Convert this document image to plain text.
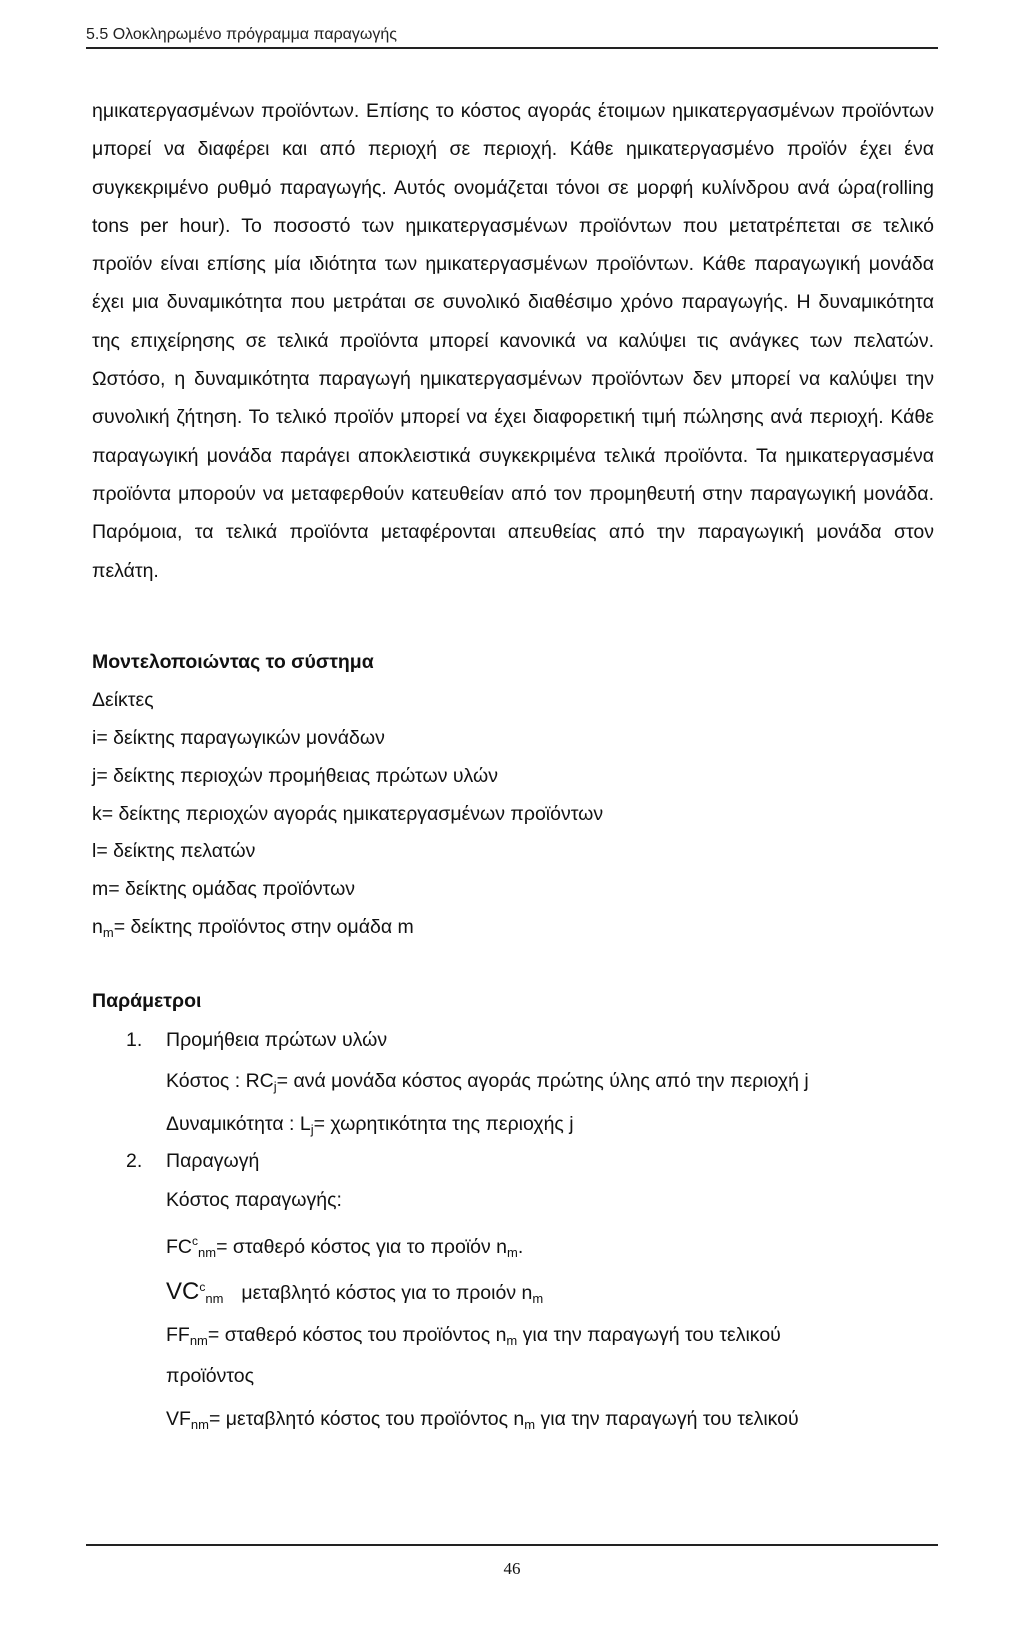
5.5 Ολοκληρωμένο πρόγραμμα παραγωγής

ημικατεργασμένων προϊόντων. Επίσης το κόστος αγοράς έτοιμων ημικατεργασμένων προϊόντων μπορεί να διαφέρει και από περιοχή σε περιοχή. Κάθε ημικατεργασμένο προϊόν έχει ένα συγκεκριμένο ρυθμό παραγωγής. Αυτός ονομάζεται τόνοι σε μορφή κυλίνδρου ανά ώρα(rolling tons per hour). Το ποσοστό των ημικατεργασμένων προϊόντων που μετατρέπεται σε τελικό προϊόν είναι επίσης μία ιδιότητα των ημικατεργασμένων προϊόντων. Κάθε παραγωγική μονάδα έχει μια δυναμικότητα που μετράται σε συνολικό διαθέσιμο χρόνο παραγωγής. Η δυναμικότητα της επιχείρησης σε τελικά προϊόντα μπορεί κανονικά να καλύψει τις ανάγκες των πελατών. Ωστόσο, η δυναμικότητα παραγωγή ημικατεργασμένων προϊόντων δεν μπορεί να καλύψει την συνολική ζήτηση. Το τελικό προϊόν μπορεί να έχει διαφορετική τιμή πώλησης ανά περιοχή. Κάθε παραγωγική μονάδα παράγει αποκλειστικά συγκεκριμένα τελικά προϊόντα. Τα ημικατεργασμένα προϊόντα μπορούν να μεταφερθούν κατευθείαν από τον προμηθευτή στην παραγωγική μονάδα. Παρόμοια, τα τελικά προϊόντα μεταφέρονται απευθείας από την παραγωγική μονάδα στον πελάτη.

Μοντελοποιώντας το σύστημα
Δείκτες
i= δείκτης παραγωγικών μονάδων
j= δείκτης περιοχών προμήθειας πρώτων υλών
k= δείκτης περιοχών αγοράς ημικατεργασμένων προϊόντων
l= δείκτης πελατών
m= δείκτης ομάδας προϊόντων
$n_m= \delta\varepsilon ί\kappa\tau\eta\varsigma$ προϊόντος στην ομάδα m
Παράμετροι
1. Προμήθεια πρώτων υλών
Κόστος : $RC_j= \alpha\nu ά$ μονάδα κόστος αγοράς πρώτης ύλης από την περιοχή j
Δυναμικότητα : $L_j= \chi\omega\rho\eta\tau\iota\kappa ό\tau\eta\tau\alpha$ της περιοχής j
2. Παραγωγή
Κόστος παραγωγής:
$FC^c_{nm}= \sigma\tau\alpha\theta\varepsilon\rho ό$ κόστος για το προϊόν $n_m$.
$VC^c_{nm}$ μεταβλητό κόστος για το προιόν $n_m$
$FF_{nm}= \sigma\tau\alpha\theta\varepsilon\rho ό$ κόστος του προϊόντος $n_m$ για την παραγωγή του τελικού
προϊόντος
$VF_{nm}= \mu\varepsilon\tau\alpha\beta\lambda\eta\tau ό$ κόστος του προϊόντος $n_m$ για την παραγωγή του τελικού
46
